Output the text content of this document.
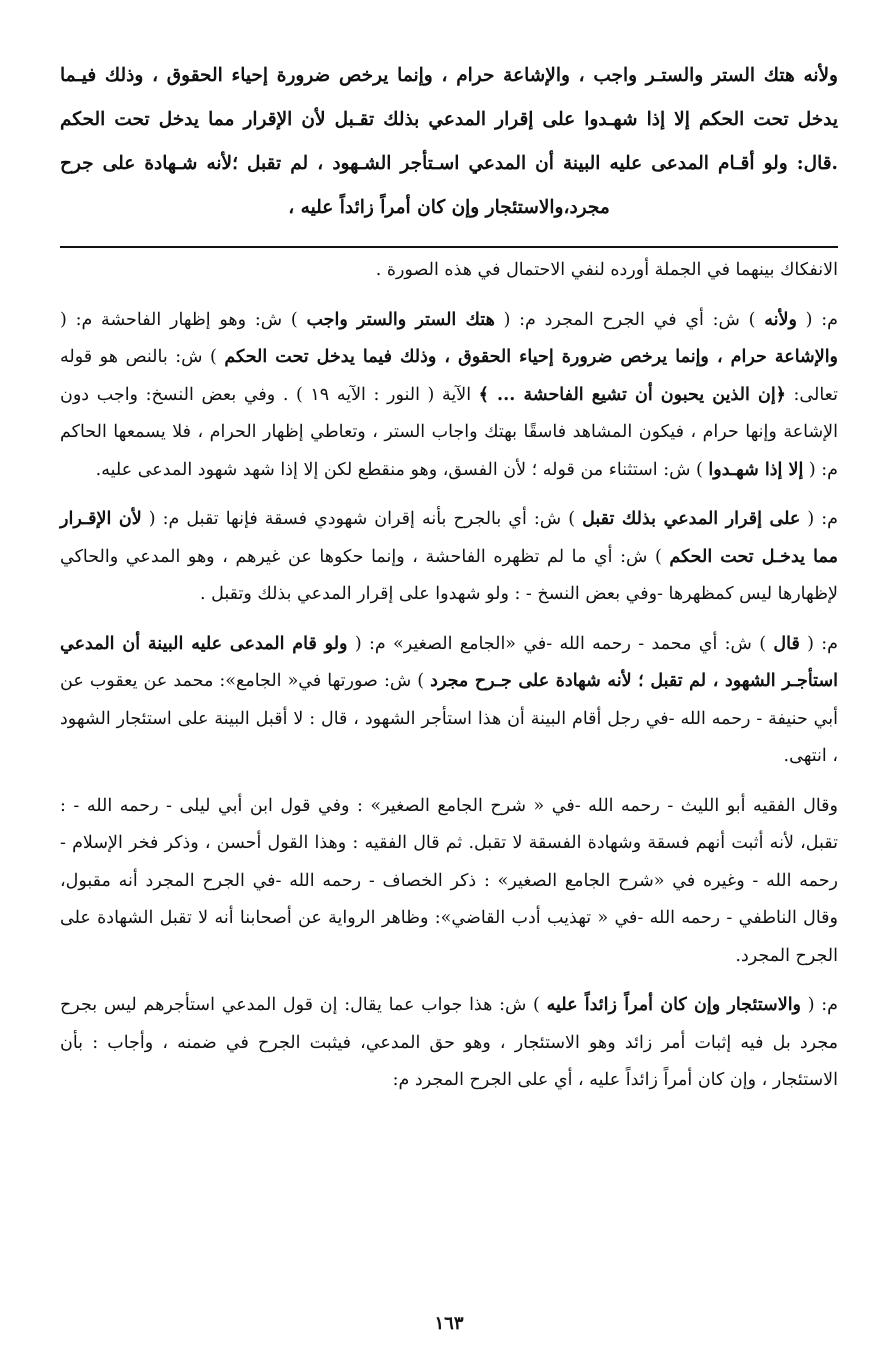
ولأنه هتك الستر والستـر واجب ، والإشاعة حرام ، وإنما يرخص ضرورة إحياء الحقوق ، وذلك فيـما يدخل تحت الحكم إلا إذا شهـدوا على إقرار المدعي بذلك تقـبل لأن الإقرار مما يدخل تحت الحكم .قال: ولو أقـام المدعى عليه البينة أن المدعي اسـتأجر الشـهود ، لم تقبل ؛لأنه شـهادة على جرح مجرد،والاستئجار وإن كان أمراً زائداً عليه ،

الانفكاك بينهما في الجملة أورده لنفي الاحتمال في هذه الصورة .

م: ( ولأنه ) ش: أي في الجرح المجرد م: ( هتك الستر والستر واجب ) ش: وهو إظهار الفاحشة م: ( والإشاعة حرام ، وإنما يرخص ضرورة إحياء الحقوق ، وذلك فيما يدخل تحت الحكم ) ش: بالنص هو قوله تعالى: ﴿إن الذين يحبون أن تشيع الفاحشة ... ﴾ الآية ( النور : الآيه ١٩ ) . وفي بعض النسخ: واجب دون الإشاعة وإنها حرام ، فيكون المشاهد فاسقًا بهتك واجاب الستر ، وتعاطي إظهار الحرام ، فلا يسمعها الحاكم م: ( إلا إذا شهـدوا ) ش: استثناء من قوله ؛ لأن الفسق، وهو منقطع لكن إلا إذا شهد شهود المدعى عليه.

م: ( على إقرار المدعي بذلك تقبل ) ش: أي بالجرح بأنه إقران شهودي فسقة فإنها تقبل م: ( لأن الإقـرار مما يدخـل تحت الحكم ) ش: أي ما لم تظهره الفاحشة ، وإنما حكوها عن غيرهم ، وهو المدعي والحاكي لإظهارها ليس كمظهرها -وفي بعض النسخ - : ولو شهدوا على إقرار المدعي بذلك وتقبل .

م: ( قال ) ش: أي محمد - رحمه الله -في «الجامع الصغير» م: ( ولو قام المدعى عليه البينة أن المدعي استأجـر الشهود ، لم تقبل ؛ لأنه شهادة على جـرح مجرد ) ش: صورتها في« الجامع»: محمد عن يعقوب عن أبي حنيفة - رحمه الله -في رجل أقام البينة أن هذا استأجر الشهود ، قال : لا أقبل البينة على استئجار الشهود ، انتهى.

وقال الفقيه أبو الليث - رحمه الله -في « شرح الجامع الصغير» : وفي قول ابن أبي ليلى - رحمه الله - : تقبل، لأنه أثبت أنهم فسقة وشهادة الفسقة لا تقبل. ثم قال الفقيه : وهذا القول أحسن ، وذكر فخر الإسلام - رحمه الله - وغيره في «شرح الجامع الصغير» : ذكر الخصاف - رحمه الله -في الجرح المجرد أنه مقبول، وقال الناطفي - رحمه الله -في « تهذيب أدب القاضي»: وظاهر الرواية عن أصحابنا أنه لا تقبل الشهادة على الجرح المجرد.

م: ( والاستئجار وإن كان أمراً زائداً عليه ) ش: هذا جواب عما يقال: إن قول المدعي استأجرهم ليس بجرح مجرد بل فيه إثبات أمر زائد وهو الاستئجار ، وهو حق المدعي، فيثبت الجرح في ضمنه ، وأجاب : بأن الاستئجار ، وإن كان أمراً زائداً عليه ، أي على الجرح المجرد م:

١٦٣
